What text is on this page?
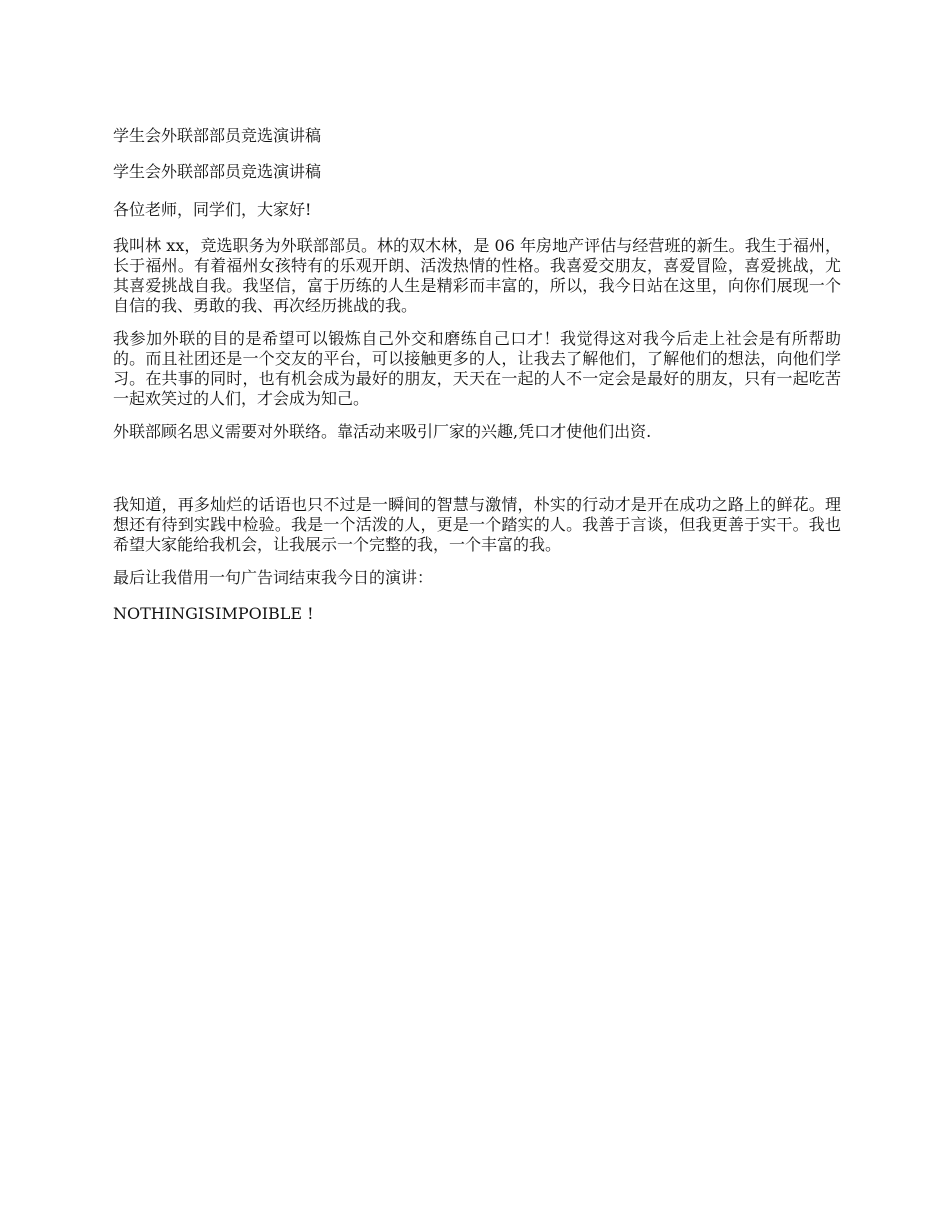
学生会外联部部员竞选演讲稿

学生会外联部部员竞选演讲稿

各位老师，同学们，大家好!

我叫林 xx，竞选职务为外联部部员。林的双木林，是 06 年房地产评估与经营班的新生。我生于福州，长于福州。有着福州女孩特有的乐观开朗、活泼热情的性格。我喜爱交朋友，喜爱冒险，喜爱挑战，尤其喜爱挑战自我。我坚信，富于历练的人生是精彩而丰富的，所以，我今日站在这里，向你们展现一个自信的我、勇敢的我、再次经历挑战的我。

我参加外联的目的是希望可以锻炼自己外交和磨练自己口才！我觉得这对我今后走上社会是有所帮助的。而且社团还是一个交友的平台，可以接触更多的人，让我去了解他们，了解他们的想法，向他们学习。在共事的同时，也有机会成为最好的朋友，天天在一起的人不一定会是最好的朋友，只有一起吃苦一起欢笑过的人们，才会成为知己。

外联部顾名思义需要对外联络。靠活动来吸引厂家的兴趣,凭口才使他们出资.

我知道，再多灿烂的话语也只不过是一瞬间的智慧与激情，朴实的行动才是开在成功之路上的鲜花。理想还有待到实践中检验。我是一个活泼的人，更是一个踏实的人。我善于言谈，但我更善于实干。我也希望大家能给我机会，让我展示一个完整的我，一个丰富的我。

最后让我借用一句广告词结束我今日的演讲：

NOTHINGISIMPOIBLE !
